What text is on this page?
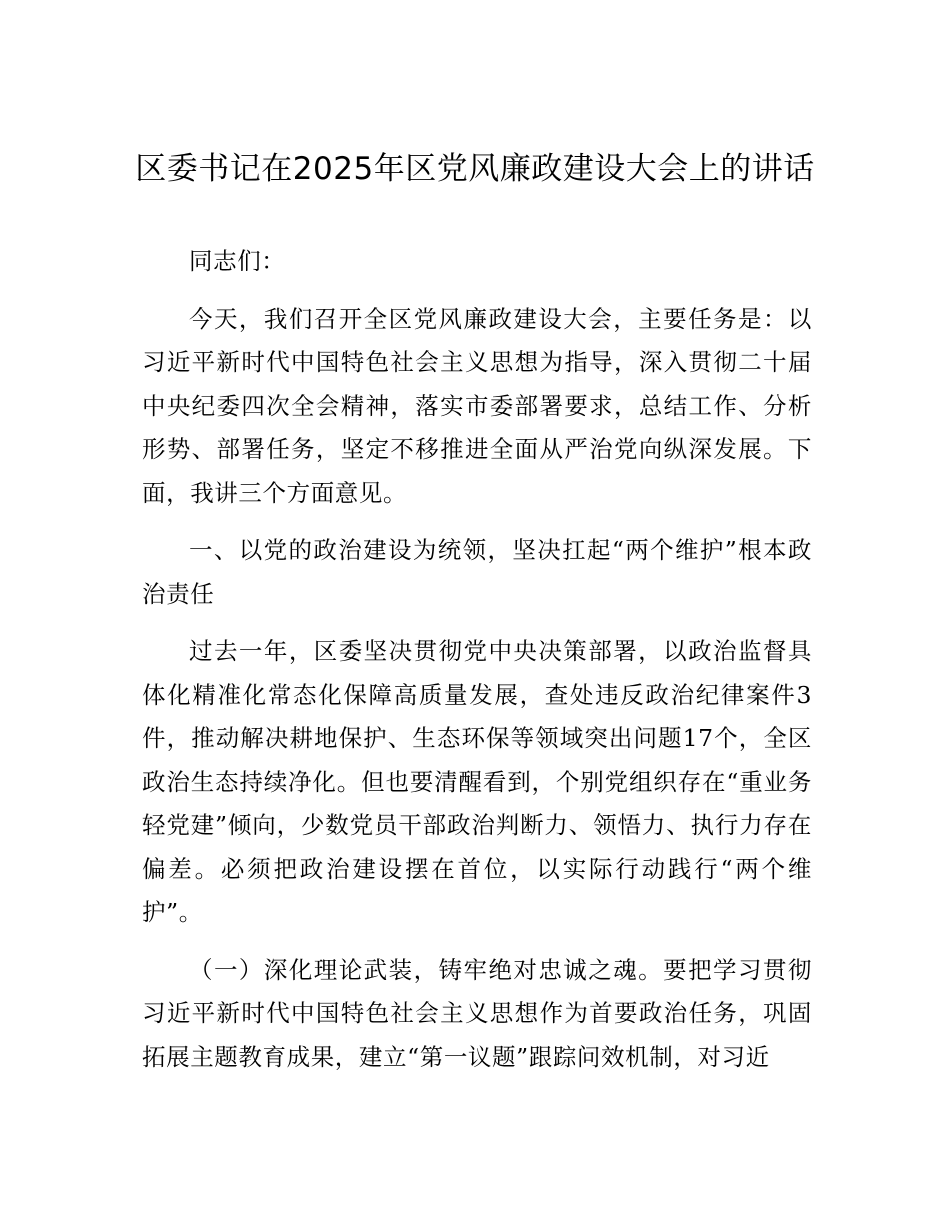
区委书记在2025年区党风廉政建设大会上的讲话

同志们：

今天，我们召开全区党风廉政建设大会，主要任务是：以习近平新时代中国特色社会主义思想为指导，深入贯彻二十届中央纪委四次全会精神，落实市委部署要求，总结工作、分析形势、部署任务，坚定不移推进全面从严治党向纵深发展。下面，我讲三个方面意见。

一、以党的政治建设为统领，坚决扛起“两个维护”根本政治责任

过去一年，区委坚决贯彻党中央决策部署，以政治监督具体化精准化常态化保障高质量发展，查处违反政治纪律案件3件，推动解决耕地保护、生态环保等领域突出问题17个，全区政治生态持续净化。但也要清醒看到，个别党组织存在“重业务轻党建”倾向，少数党员干部政治判断力、领悟力、执行力存在偏差。必须把政治建设摆在首位，以实际行动践行“两个维护”。

（一）深化理论武装，铸牢绝对忠诚之魂。要把学习贯彻习近平新时代中国特色社会主义思想作为首要政治任务，巩固拓展主题教育成果，建立“第一议题”跟踪问效机制，对习近
